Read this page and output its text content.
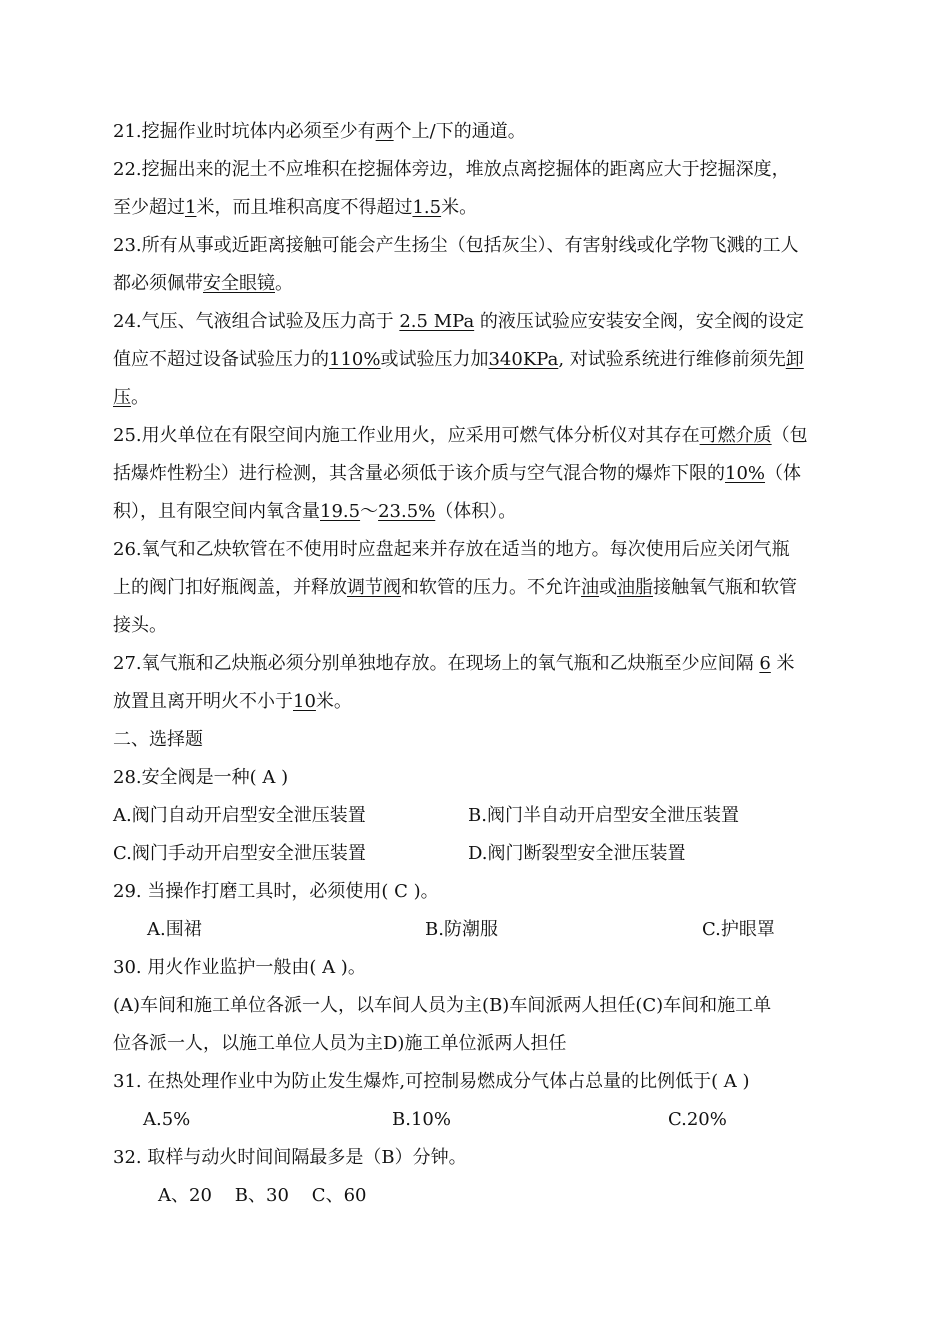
21.挖掘作业时坑体内必须至少有两个上/下的通道。
22.挖掘出来的泥土不应堆积在挖掘体旁边，堆放点离挖掘体的距离应大于挖掘深度，
至少超过1米，而且堆积高度不得超过1.5米。
23.所有从事或近距离接触可能会产生扬尘（包括灰尘）、有害射线或化学物飞溅的工人
都必须佩带安全眼镜。
24.气压、气液组合试验及压力高于 2.5 MPa 的液压试验应安装安全阀，安全阀的设定
值应不超过设备试验压力的110%或试验压力加340KPa, 对试验系统进行维修前须先卸
压。
25.用火单位在有限空间内施工作业用火，应采用可燃气体分析仪对其存在可燃介质（包
括爆炸性粉尘）进行检测，其含量必须低于该介质与空气混合物的爆炸下限的10%（体
积），且有限空间内氧含量19.5～23.5%（体积）。
26.氧气和乙炔软管在不使用时应盘起来并存放在适当的地方。每次使用后应关闭气瓶
上的阀门扣好瓶阀盖，并释放调节阀和软管的压力。不允许油或油脂接触氧气瓶和软管
接头。
27.氧气瓶和乙炔瓶必须分别单独地存放。在现场上的氧气瓶和乙炔瓶至少应间隔 6 米
放置且离开明火不小于10米。
二、选择题
28.安全阀是一种( A )
A.阀门自动开启型安全泄压装置	B.阀门半自动开启型安全泄压装置
C.阀门手动开启型安全泄压装置	D.阀门断裂型安全泄压装置
29. 当操作打磨工具时，必须使用( C )。
A.围裙	B.防潮服	C.护眼罩
30. 用火作业监护一般由( A )。
(A)车间和施工单位各派一人，以车间人员为主(B)车间派两人担任(C)车间和施工单
位各派一人，以施工单位人员为主D)施工单位派两人担任
31. 在热处理作业中为防止发生爆炸,可控制易燃成分气体占总量的比例低于( A )
A.5%	B.10%	C.20%
32. 取样与动火时间间隔最多是（B）分钟。
A、20    B、30    C、60
